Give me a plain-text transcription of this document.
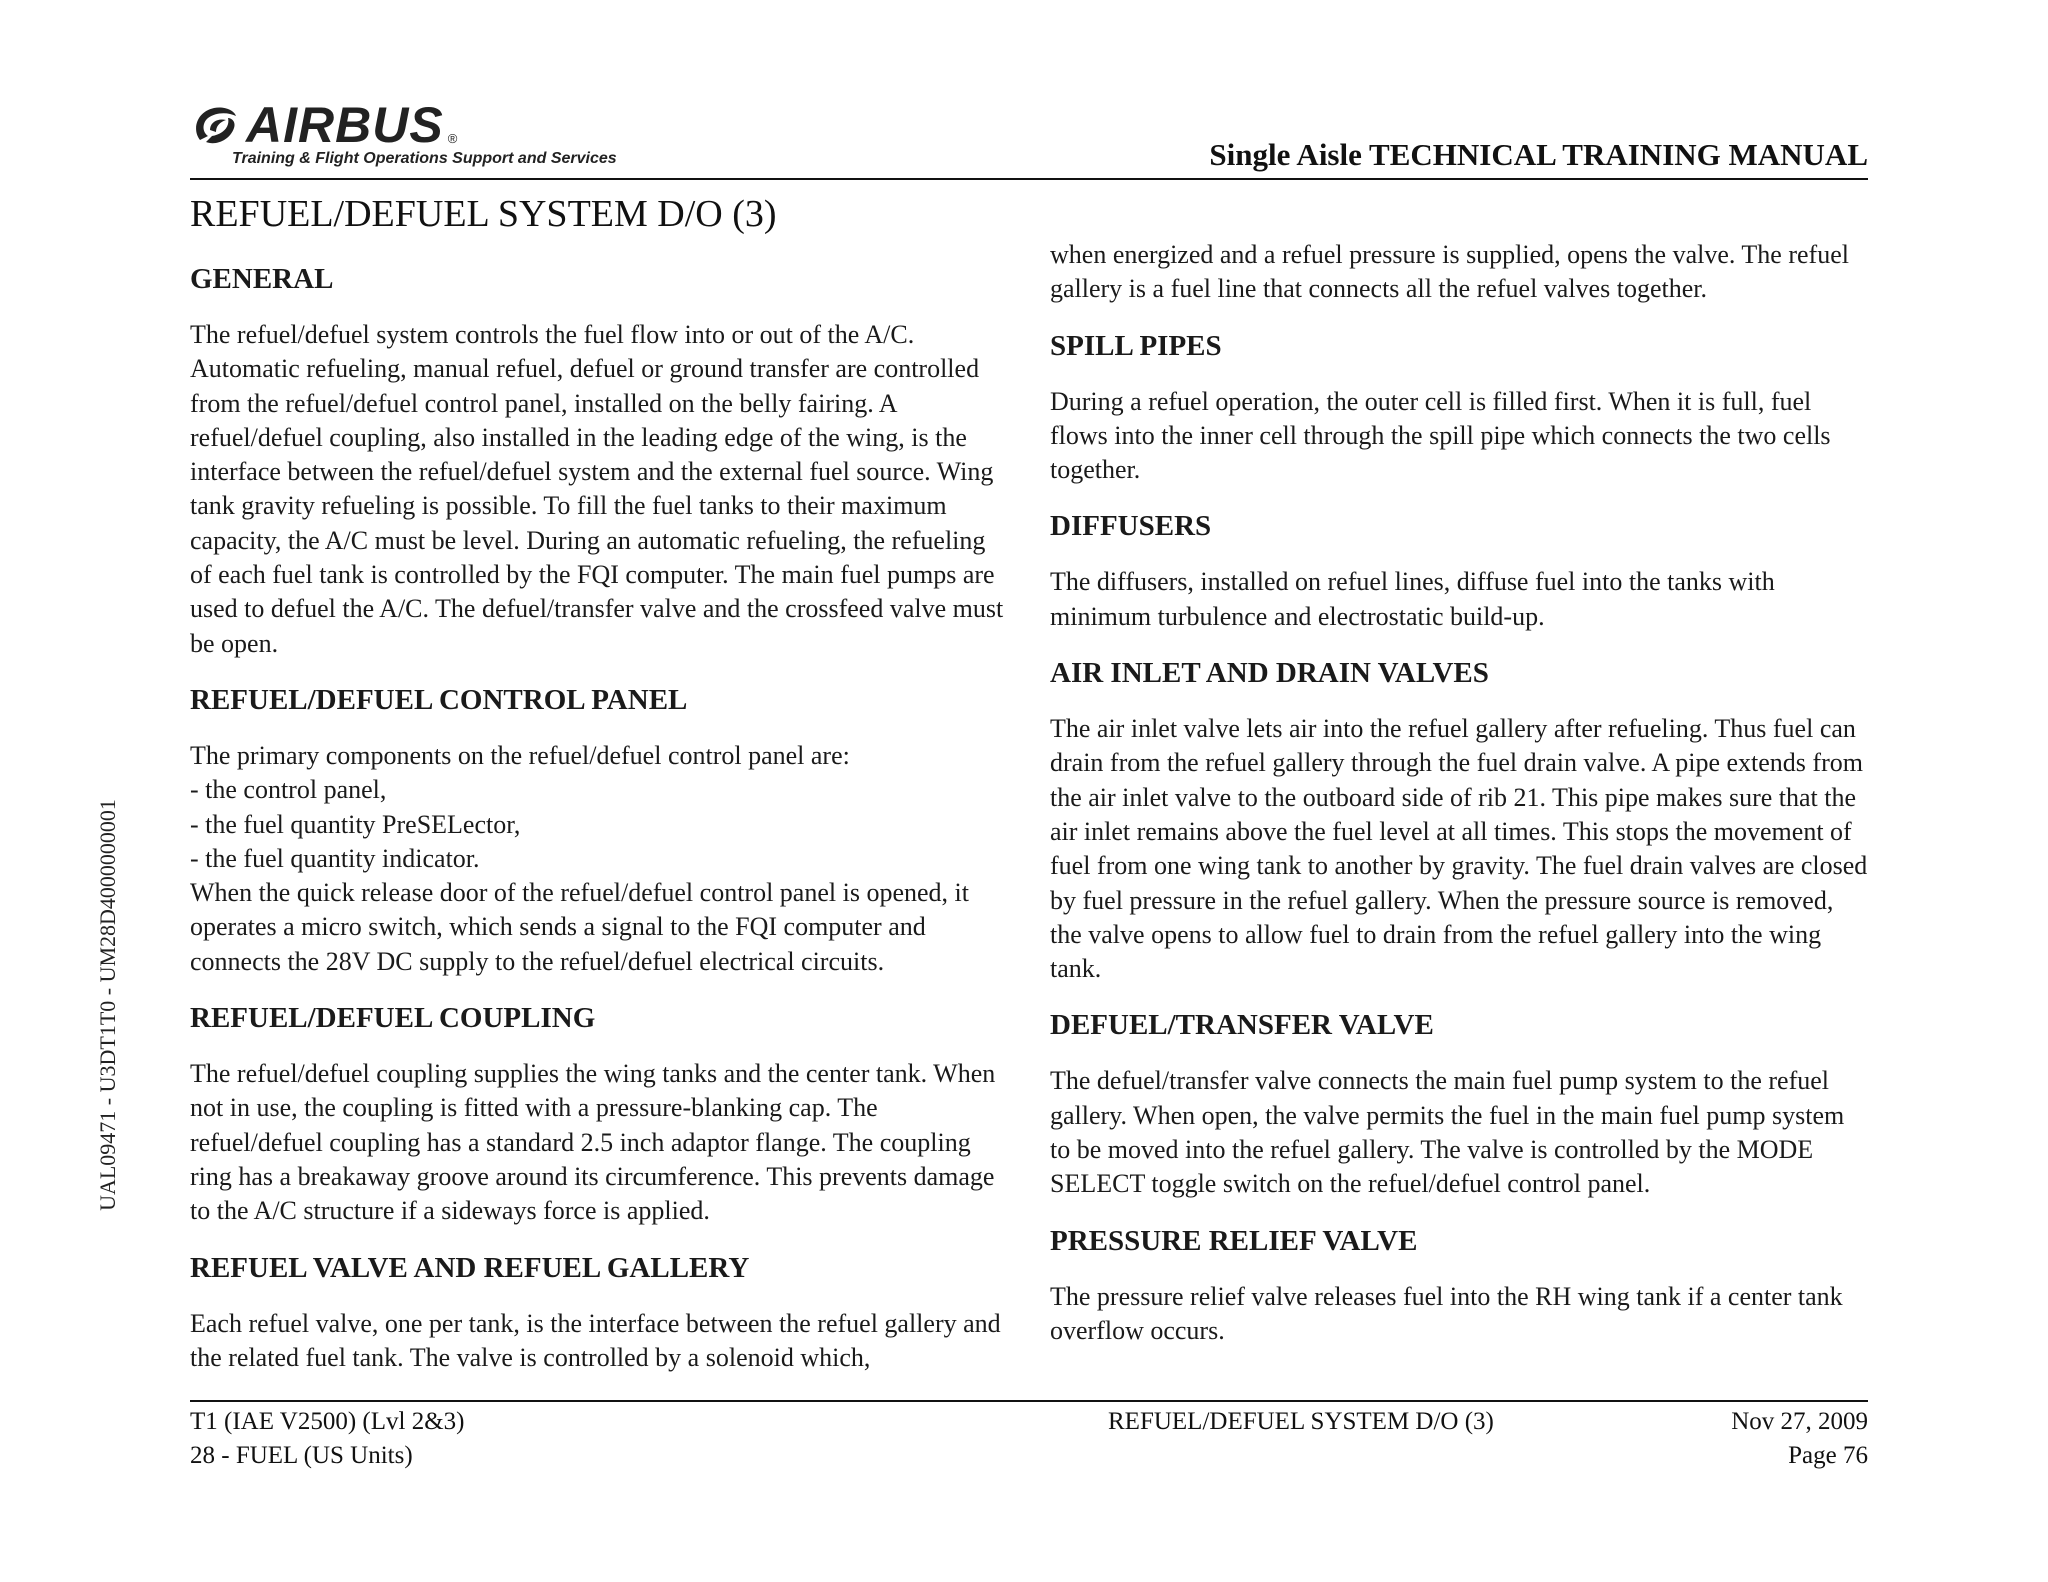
AIRBUS ®
Training & Flight Operations Support and Services	Single Aisle TECHNICAL TRAINING MANUAL
REFUEL/DEFUEL SYSTEM D/O (3)
GENERAL

The refuel/defuel system controls the fuel flow into or out of the A/C. Automatic refueling, manual refuel, defuel or ground transfer are controlled from the refuel/defuel control panel, installed on the belly fairing. A refuel/defuel coupling, also installed in the leading edge of the wing, is the interface between the refuel/defuel system and the external fuel source. Wing tank gravity refueling is possible. To fill the fuel tanks to their maximum capacity, the A/C must be level. During an automatic refueling, the refueling of each fuel tank is controlled by the FQI computer. The main fuel pumps are used to defuel the A/C. The defuel/transfer valve and the crossfeed valve must be open.

REFUEL/DEFUEL CONTROL PANEL

The primary components on the refuel/defuel control panel are:

- the control panel,

- the fuel quantity PreSELector,

- the fuel quantity indicator.

When the quick release door of the refuel/defuel control panel is opened, it operates a micro switch, which sends a signal to the FQI computer and connects the 28V DC supply to the refuel/defuel electrical circuits.

REFUEL/DEFUEL COUPLING

The refuel/defuel coupling supplies the wing tanks and the center tank. When not in use, the coupling is fitted with a pressure-blanking cap. The refuel/defuel coupling has a standard 2.5 inch adaptor flange. The coupling ring has a breakaway groove around its circumference. This prevents damage to the A/C structure if a sideways force is applied.

REFUEL VALVE AND REFUEL GALLERY

Each refuel valve, one per tank, is the interface between the refuel gallery and the related fuel tank. The valve is controlled by a solenoid which,

when energized and a refuel pressure is supplied, opens the valve. The refuel gallery is a fuel line that connects all the refuel valves together.

SPILL PIPES

During a refuel operation, the outer cell is filled first. When it is full, fuel flows into the inner cell through the spill pipe which connects the two cells together.

DIFFUSERS

The diffusers, installed on refuel lines, diffuse fuel into the tanks with minimum turbulence and electrostatic build-up.

AIR INLET AND DRAIN VALVES

The air inlet valve lets air into the refuel gallery after refueling. Thus fuel can drain from the refuel gallery through the fuel drain valve. A pipe extends from the air inlet valve to the outboard side of rib 21. This pipe makes sure that the air inlet remains above the fuel level at all times. This stops the movement of fuel from one wing tank to another by gravity. The fuel drain valves are closed by fuel pressure in the refuel gallery. When the pressure source is removed, the valve opens to allow fuel to drain from the refuel gallery into the wing tank.

DEFUEL/TRANSFER VALVE

The defuel/transfer valve connects the main fuel pump system to the refuel gallery. When open, the valve permits the fuel in the main fuel pump system to be moved into the refuel gallery. The valve is controlled by the MODE SELECT toggle switch on the refuel/defuel control panel.

PRESSURE RELIEF VALVE

The pressure relief valve releases fuel into the RH wing tank if a center tank overflow occurs.

UAL09471 - U3DT1T0 - UM28D4000000001
T1 (IAE V2500) (Lvl 2&3)
28 - FUEL (US Units)
REFUEL/DEFUEL SYSTEM D/O (3)	Nov 27, 2009
Page 76
